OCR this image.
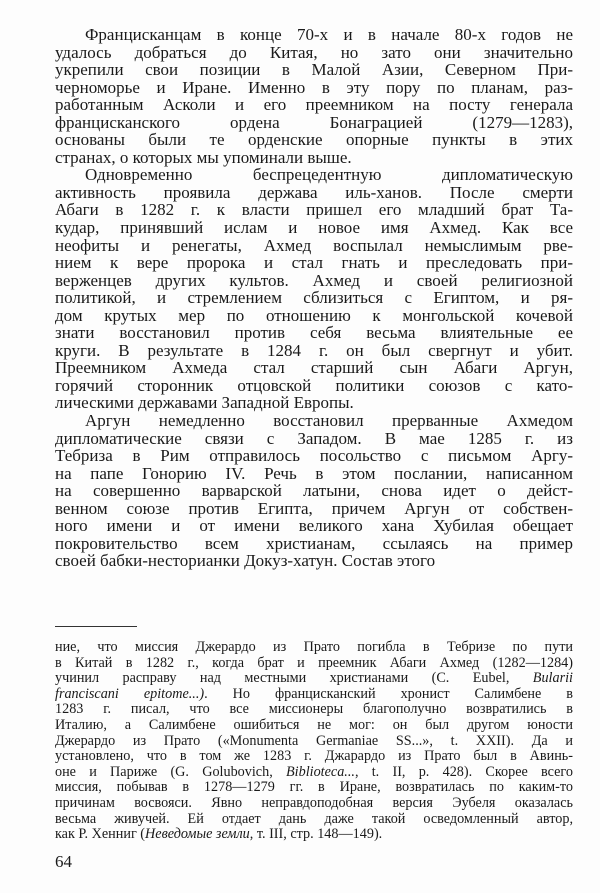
Францисканцам в конце 70-х и в начале 80-х годов не
удалось добраться до Китая, но зато они значительно
укрепили свои позиции в Малой Азии, Северном При-
черноморье и Иране. Именно в эту пору по планам, раз-
работанным Асколи и его преемником на посту генерала
францисканского ордена Бонаграцией (1279—1283),
основаны были те орденские опорные пункты в этих
странах, о которых мы упоминали выше.
Одновременно беспрецедентную дипломатическую
активность проявила держава иль-ханов. После смерти
Абаги в 1282 г. к власти пришел его младший брат Та-
кудар, принявший ислам и новое имя Ахмед. Как все
неофиты и ренегаты, Ахмед воспылал немыслимым рве-
нием к вере пророка и стал гнать и преследовать при-
верженцев других культов. Ахмед и своей религиозной
политикой, и стремлением сблизиться с Египтом, и ря-
дом крутых мер по отношению к монгольской кочевой
знати восстановил против себя весьма влиятельные ее
круги. В результате в 1284 г. он был свергнут и убит.
Преемником Ахмеда стал старший сын Абаги Аргун,
горячий сторонник отцовской политики союзов с като-
лическими державами Западной Европы.
Аргун немедленно восстановил прерванные Ахмедом
дипломатические связи с Западом. В мае 1285 г. из
Тебриза в Рим отправилось посольство с письмом Аргу-
на папе Гонорию IV. Речь в этом послании, написанном
на совершенно варварской латыни, снова идет о дейст-
венном союзе против Египта, причем Аргун от собствен-
ного имени и от имени великого хана Хубилая обещает
покровительство всем христианам, ссылаясь на пример
своей бабки-несторианки Докуз-хатун. Состав этого
ние, что миссия Джерардо из Прато погибла в Тебризе по пути
в Китай в 1282 г., когда брат и преемник Абаги Ахмед (1282—1284)
учинил расправу над местными христианами (C. Eubel, Bularii
franciscani epitome...). Но францисканский хронист Салимбене в
1283 г. писал, что все миссионеры благополучно возвратились в
Италию, а Салимбене ошибиться не мог: он был другом юности
Джерардо из Прато («Monumenta Germaniae SS...», t. XXII). Да и
установлено, что в том же 1283 г. Джарардо из Прато был в Авинь-
оне и Париже (G. Golubovich, Biblioteca..., t. II, p. 428). Скорее всего
миссия, побывав в 1278—1279 гг. в Иране, возвратилась по каким-то
причинам восвояси. Явно неправдоподобная версия Эубеля оказалась
весьма живучей. Ей отдает дань даже такой осведомленный автор,
как Р. Хенниг (Неведомые земли, т. III, стр. 148—149).
64
